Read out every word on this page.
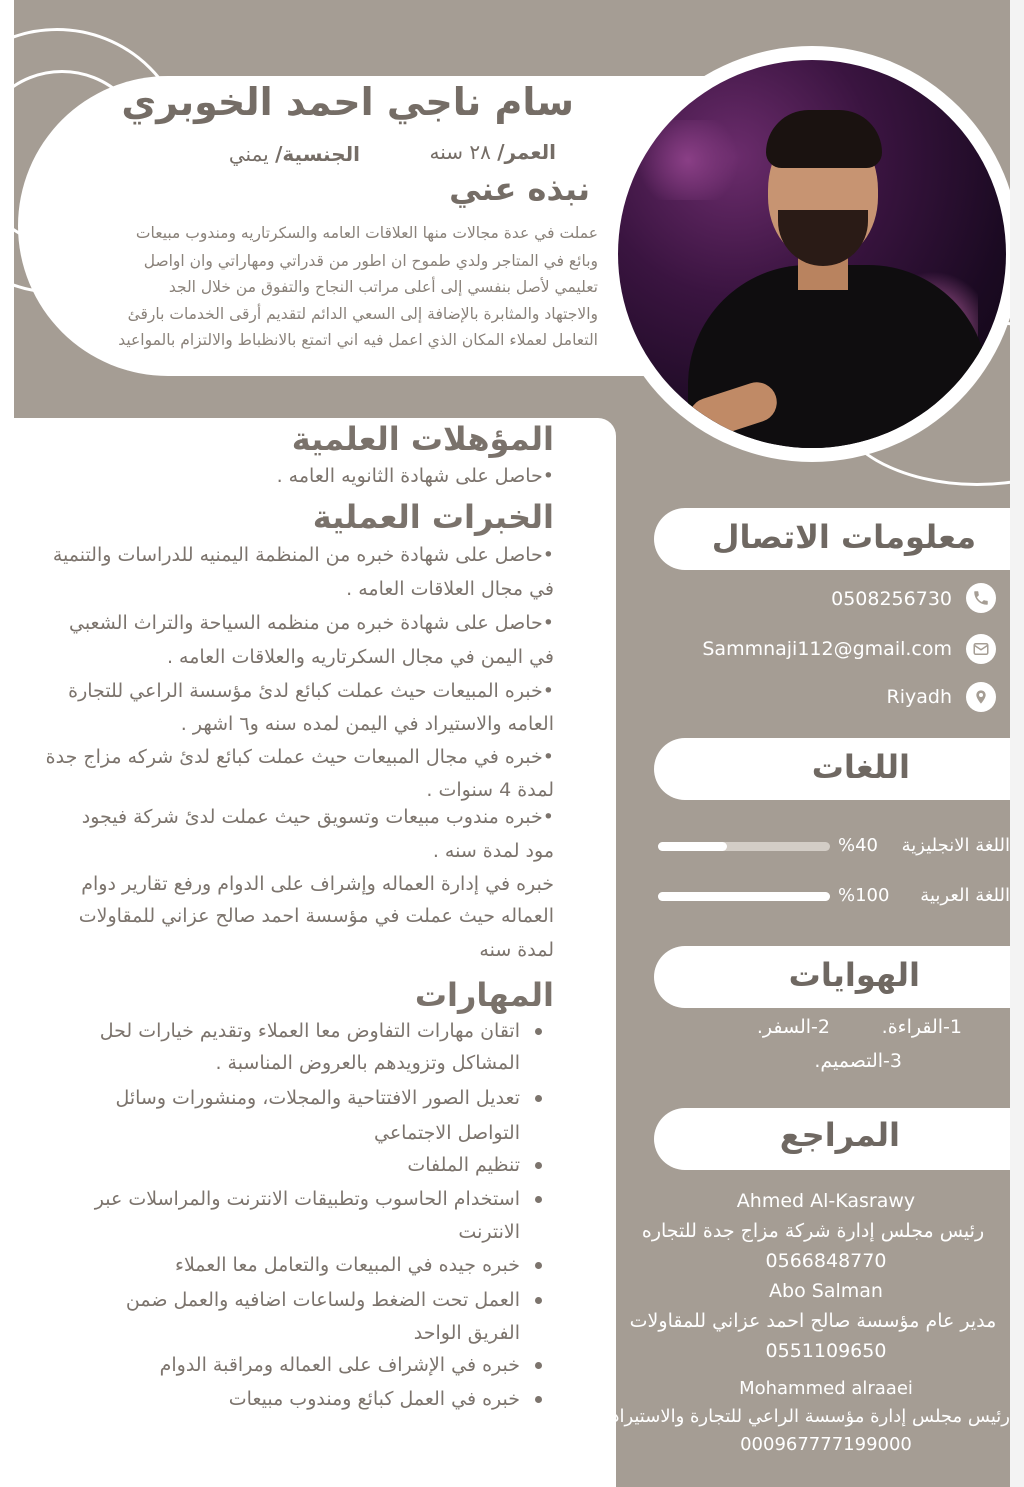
سام ناجي احمد الخوبري
العمر/ ٢٨ سنه
الجنسية/ يمني
نبذه عني
عملت في عدة مجالات منها العلاقات العامه والسكرتاريه ومندوب مبيعات
وبائع في المتاجر ولدي طموح ان اطور من قدراتي ومهاراتي وان اواصل
تعليمي لأصل بنفسي إلى أعلى مراتب النجاح والتفوق من خلال الجد
والاجتهاد والمثابرة بالإضافة إلى السعي الدائم لتقديم أرقى الخدمات بارقئ
التعامل لعملاء المكان الذي اعمل فيه اني اتمتع بالانظباط والالتزام بالمواعيد
المؤهلات العلمية
•حاصل على شهادة الثانويه العامه .
الخبرات العملية
•حاصل على شهادة خبره من المنظمة اليمنيه للدراسات والتنمية
في مجال العلاقات العامه .
•حاصل على شهادة خبره من منظمه السياحة والتراث الشعبي
في اليمن في مجال السكرتاريه والعلاقات العامه .
•خبره المبيعات حيث عملت كبائع لدئ مؤسسة الراعي للتجارة
العامه والاستيراد في اليمن لمده سنه و٦ اشهر .
•خبره في مجال المبيعات حيث عملت كبائع لدئ شركه مزاج جدة
لمدة 4 سنوات .
•خبره مندوب مبيعات وتسويق حيث عملت لدئ شركة فيجود
مود لمدة سنه .
خبره في إدارة العماله وإشراف على الدوام ورفع تقارير دوام
العماله حيث عملت في مؤسسة احمد صالح عزاني للمقاولات
لمدة سنه
المهارات
اتقان مهارات التفاوض معا العملاء وتقديم خيارات لحل
المشاكل وتزويدهم بالعروض المناسبة .
تعديل الصور الافتتاحية والمجلات، ومنشورات وسائل
التواصل الاجتماعي
تنظيم الملفات
استخدام الحاسوب وتطبيقات الانترنت والمراسلات عبر
الانترنت
خبره جيده في المبيعات والتعامل معا العملاء
العمل تحت الضغط ولساعات اضافيه والعمل ضمن
الفريق الواحد
خبره في الإشراف على العماله ومراقبة الدوام
خبره في العمل كبائع ومندوب مبيعات
معلومات الاتصال
0508256730
Sammnaji112@gmail.com
Riyadh
اللغات
اللغة الانجليزية
%40
اللغة العربية
%100
الهوايات
1-القراءة.
2-السفر.
3-التصميم.
المراجع
Ahmed Al-Kasrawy
رئيس مجلس إدارة شركة مزاج جدة للتجاره
0566848770
Abo Salman
مدير عام مؤسسة صالح احمد عزاني للمقاولات
0551109650
Mohammed alraaei
رئيس مجلس إدارة مؤسسة الراعي للتجارة والاستيراد
000967777199000
